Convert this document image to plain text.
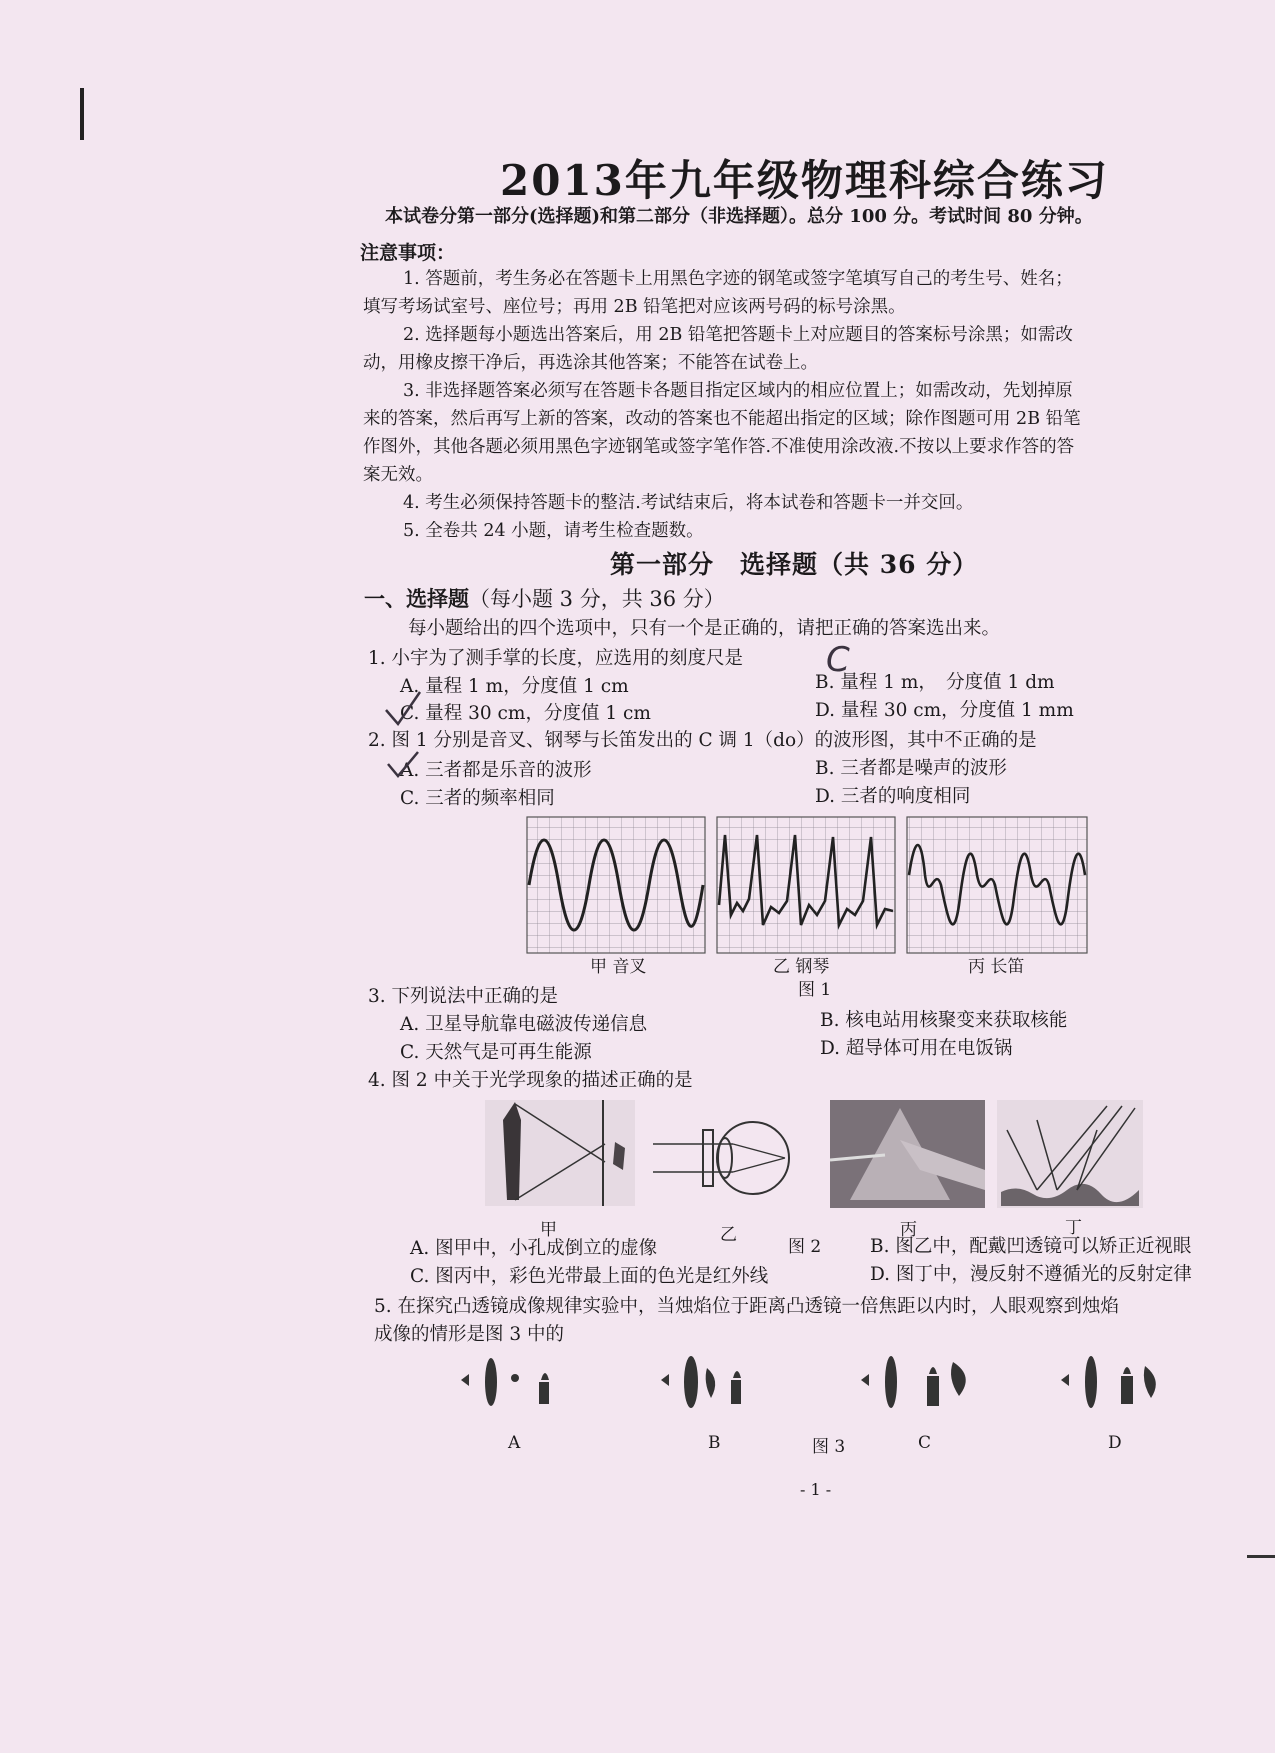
2013年九年级物理科综合练习
本试卷分第一部分(选择题)和第二部分（非选择题）。总分 100 分。考试时间 80 分钟。
注意事项：
1. 答题前，考生务必在答题卡上用黑色字迹的钢笔或签字笔填写自己的考生号、姓名；
填写考场试室号、座位号；再用 2B 铅笔把对应该两号码的标号涂黑。
2. 选择题每小题选出答案后，用 2B 铅笔把答题卡上对应题目的答案标号涂黑；如需改
动，用橡皮擦干净后，再选涂其他答案；不能答在试卷上。
3. 非选择题答案必须写在答题卡各题目指定区域内的相应位置上；如需改动，先划掉原
来的答案，然后再写上新的答案，改动的答案也不能超出指定的区域；除作图题可用 2B 铅笔
作图外，其他各题必须用黑色字迹钢笔或签字笔作答.不准使用涂改液.不按以上要求作答的答
案无效。
4. 考生必须保持答题卡的整洁.考试结束后，将本试卷和答题卡一并交回。
5. 全卷共 24 小题，请考生检查题数。
第一部分　选择题（共 36 分）
一、选择题（每小题 3 分，共 36 分）
每小题给出的四个选项中，只有一个是正确的，请把正确的答案选出来。
1. 小宇为了测手掌的长度，应选用的刻度尺是
A. 量程 1 m，分度值 1 cm	B. 量程 1 m，　分度值 1 dm
C. 量程 30 cm，分度值 1 cm	D. 量程 30 cm，分度值 1 mm
2. 图 1 分别是音叉、钢琴与长笛发出的 C 调 1（do）的波形图，其中不正确的是
A. 三者都是乐音的波形	B. 三者都是噪声的波形
C. 三者的频率相同	D. 三者的响度相同
甲 音叉	乙 钢琴	丙 长笛
图 1
3. 下列说法中正确的是
A. 卫星导航靠电磁波传递信息	B. 核电站用核聚变来获取核能
C. 天然气是可再生能源	D. 超导体可用在电饭锅
4. 图 2 中关于光学现象的描述正确的是
甲	乙	丙	丁
图 2
A. 图甲中，小孔成倒立的虚像	B. 图乙中，配戴凹透镜可以矫正近视眼
C. 图丙中，彩色光带最上面的色光是红外线	D. 图丁中，漫反射不遵循光的反射定律
5. 在探究凸透镜成像规律实验中，当烛焰位于距离凸透镜一倍焦距以内时，人眼观察到烛焰
成像的情形是图 3 中的
A	B	图 3	C	D
- 1 -
C
